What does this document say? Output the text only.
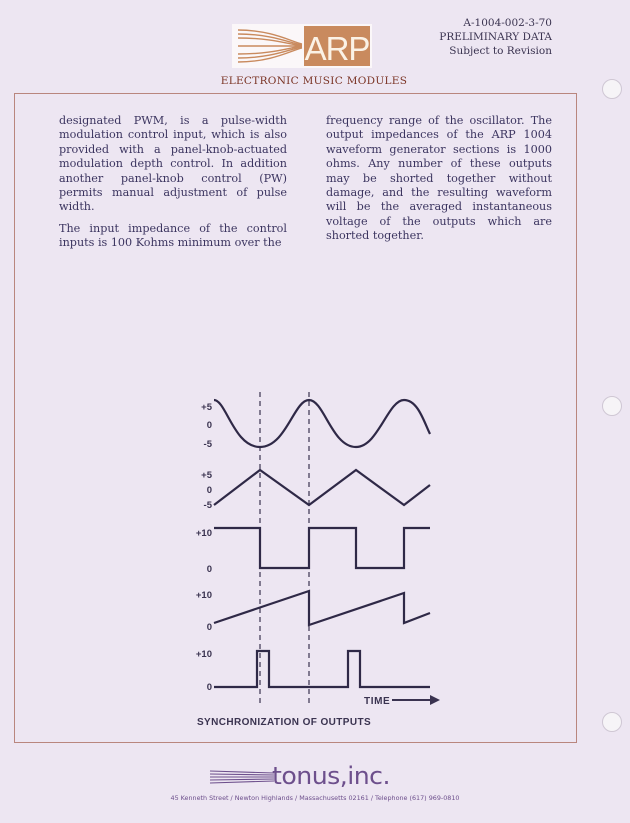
ARP
ELECTRONIC MUSIC MODULES
A-1004-002-3-70
PRELIMINARY DATA
Subject to Revision

designated PWM, is a pulse-width modulation control input, which is also provided with a panel-knob-actuated modulation depth control. In addition another panel-knob control (PW) permits manual adjustment of pulse width.

The input impedance of the control inputs is 100 Kohms minimum over the

frequency range of the oscillator. The output impedances of the ARP 1004 waveform generator sections is 1000 ohms. Any number of these outputs may be shorted together without damage, and the resulting waveform will be the averaged instantaneous voltage of the outputs which are shorted together.

+5
0
-5
+5
0
-5
+10
0
+10
0
+10
0
TIME
SYNCHRONIZATION OF OUTPUTS
tonus,inc.
45 Kenneth Street / Newton Highlands / Massachusetts 02161 / Telephone (617) 969-0810
